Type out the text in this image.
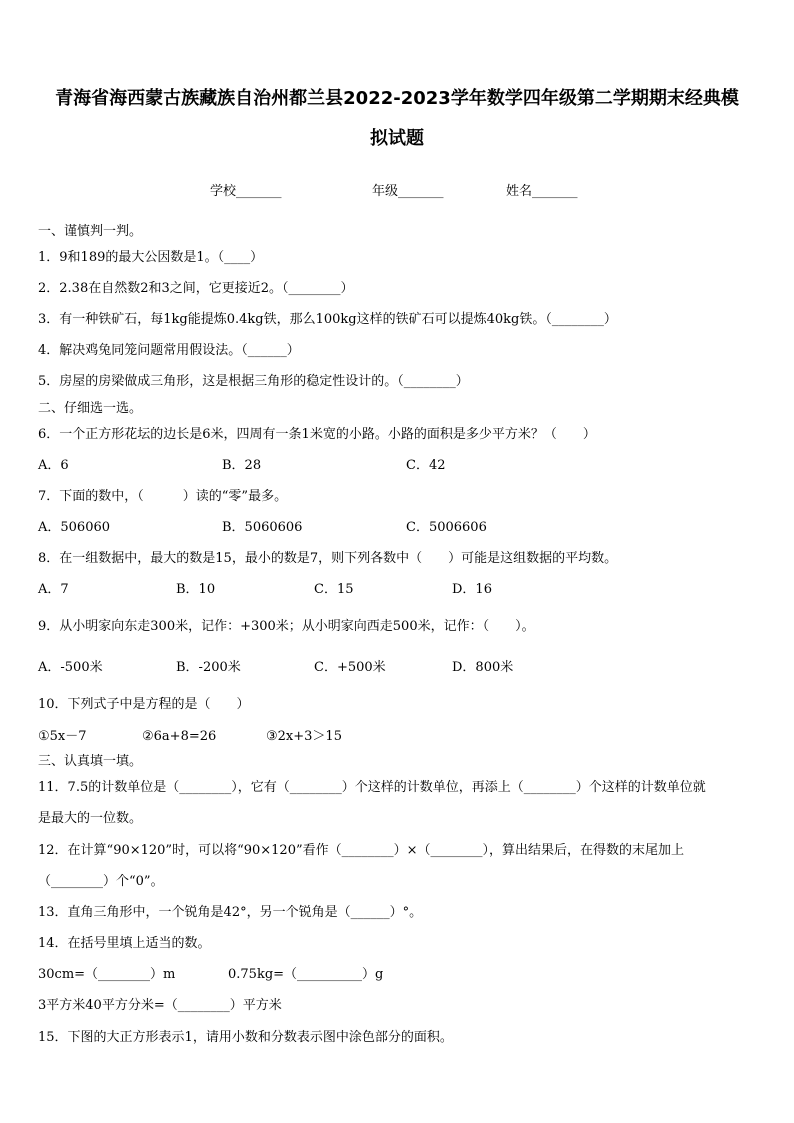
青海省海西蒙古族藏族自治州都兰县2022-2023学年数学四年级第二学期期末经典模
拟试题
学校_______	年级_______	姓名_______
一、谨慎判一判。
1．9和189的最大公因数是1。（____）
2．2.38在自然数2和3之间，它更接近2。（________）
3．有一种铁矿石，每1kg能提炼0.4kg铁，那么100kg这样的铁矿石可以提炼40kg铁。（________）
4．解决鸡兔同笼问题常用假设法。（______）
5．房屋的房梁做成三角形，这是根据三角形的稳定性设计的。（________）
二、仔细选一选。
6．一个正方形花坛的边长是6米，四周有一条1米宽的小路。小路的面积是多少平方米？（　　）
A．6	B．28	C．42
7．下面的数中，（　　　）读的“零”最多。
A．506060	B．5060606	C．5006606
8．在一组数据中，最大的数是15，最小的数是7，则下列各数中（　　）可能是这组数据的平均数。
A．7	B．10	C．15	D．16
9．从小明家向东走300米，记作：+300米；从小明家向西走500米，记作：（　　）。
A．-500米	B．-200米	C．+500米	D．800米
10．下列式子中是方程的是（　　）
①5x－7	②6a+8=26	③2x+3＞15
三、认真填一填。
11．7.5的计数单位是（________），它有（________）个这样的计数单位，再添上（________）个这样的计数单位就
是最大的一位数。
12．在计算“90×120”时，可以将“90×120”看作（________）×（________），算出结果后，在得数的末尾加上
（________）个“0”。
13．直角三角形中，一个锐角是42°，另一个锐角是（______）°。
14．在括号里填上适当的数。
30cm=（________）m	0.75kg=（__________）g
3平方米40平方分米=（________）平方米
15．下图的大正方形表示1，请用小数和分数表示图中涂色部分的面积。
